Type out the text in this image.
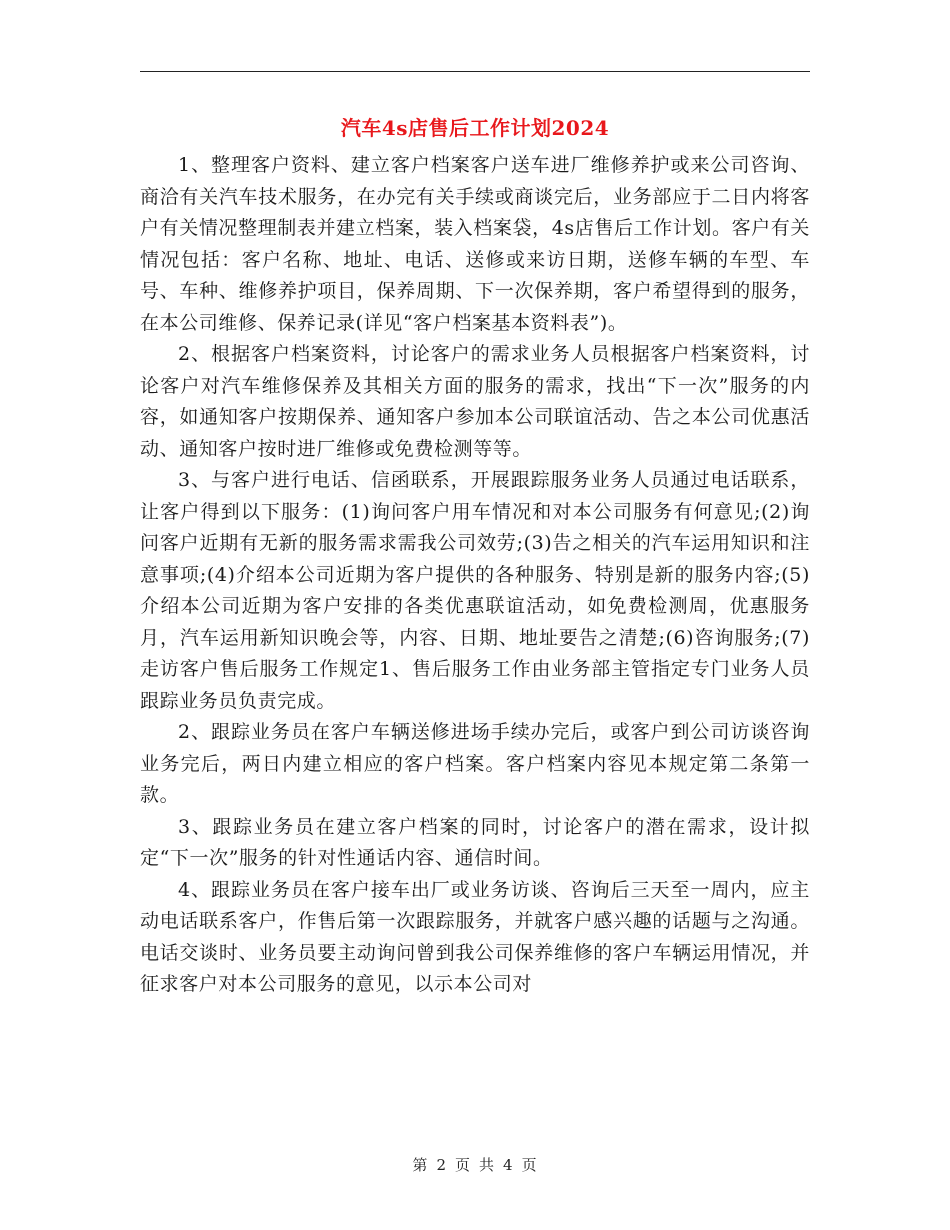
汽车4s店售后工作计划2024

1、整理客户资料、建立客户档案客户送车进厂维修养护或来公司咨询、商洽有关汽车技术服务，在办完有关手续或商谈完后，业务部应于二日内将客户有关情况整理制表并建立档案，装入档案袋，4s店售后工作计划。客户有关情况包括：客户名称、地址、电话、送修或来访日期，送修车辆的车型、车号、车种、维修养护项目，保养周期、下一次保养期，客户希望得到的服务，在本公司维修、保养记录(详见“客户档案基本资料表”)。

2、根据客户档案资料，讨论客户的需求业务人员根据客户档案资料，讨论客户对汽车维修保养及其相关方面的服务的需求，找出“下一次”服务的内容，如通知客户按期保养、通知客户参加本公司联谊活动、告之本公司优惠活动、通知客户按时进厂维修或免费检测等等。

3、与客户进行电话、信函联系，开展跟踪服务业务人员通过电话联系，让客户得到以下服务：(1)询问客户用车情况和对本公司服务有何意见;(2)询问客户近期有无新的服务需求需我公司效劳;(3)告之相关的汽车运用知识和注意事项;(4)介绍本公司近期为客户提供的各种服务、特别是新的服务内容;(5)介绍本公司近期为客户安排的各类优惠联谊活动，如免费检测周，优惠服务月，汽车运用新知识晚会等，内容、日期、地址要告之清楚;(6)咨询服务;(7)走访客户售后服务工作规定1、售后服务工作由业务部主管指定专门业务人员跟踪业务员负责完成。

2、跟踪业务员在客户车辆送修进场手续办完后，或客户到公司访谈咨询业务完后，两日内建立相应的客户档案。客户档案内容见本规定第二条第一款。

3、跟踪业务员在建立客户档案的同时，讨论客户的潜在需求，设计拟定“下一次”服务的针对性通话内容、通信时间。

4、跟踪业务员在客户接车出厂或业务访谈、咨询后三天至一周内，应主动电话联系客户，作售后第一次跟踪服务，并就客户感兴趣的话题与之沟通。电话交谈时、业务员要主动询问曾到我公司保养维修的客户车辆运用情况，并征求客户对本公司服务的意见，以示本公司对

第 2 页 共 4 页
